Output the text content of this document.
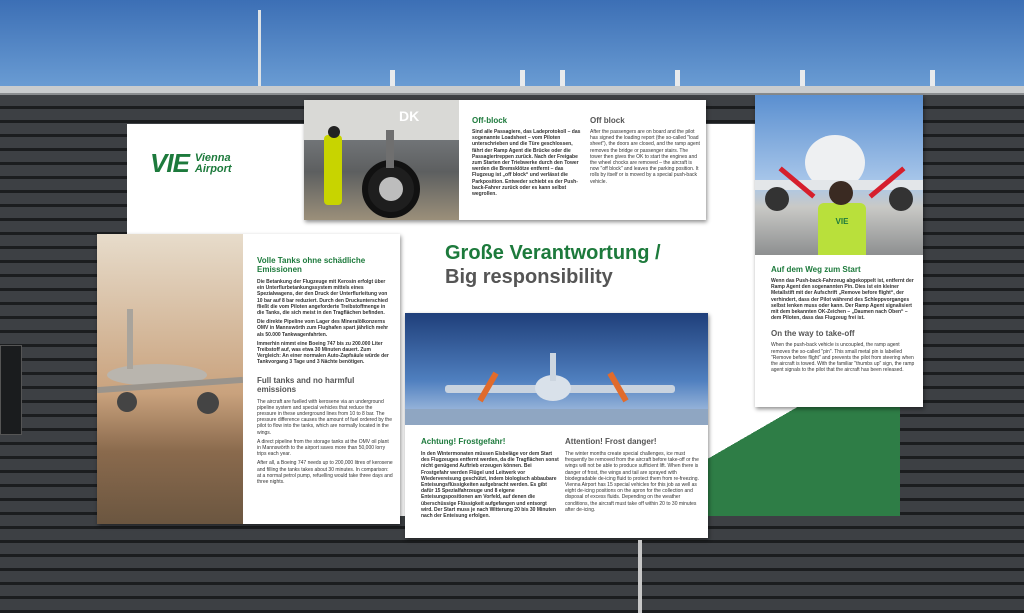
VIE Vienna
Airport
Große Verantwortung /
Big responsibility
DK	Off-block
Sind alle Passagiere, das Ladeprotokoll – das sogenannte Loadsheet – vom Piloten unterschrieben und die Türe geschlossen, fährt der Ramp Agent die Brücke oder die Passagiertreppen zurück. Nach der Freigabe zum Starten der Triebwerke durch den Tower werden die Bremsklötze entfernt – das Flugzeug ist „off block“ und verlässt die Parkposition. Entweder schiebt es der Push-back-Fahrer zurück oder es kann selbst wegrollen.
Off block
After the passengers are on board and the pilot has signed the loading report (the so-called "load sheet"), the doors are closed, and the ramp agent removes the bridge or passenger stairs. The tower then gives the OK to start the engines and the wheel chocks are removed – the aircraft is now "off block" and leaves the parking position. It rolls by itself or is moved by a special push-back vehicle.
Volle Tanks ohne schädliche Emissionen
Die Betankung der Flugzeuge mit Kerosin erfolgt über ein Unterflurbetankungssystem mittels eines Spezialwagens, der den Druck der Unterflurleitung von 10 bar auf 8 bar reduziert. Durch den Druckunterschied fließt die vom Piloten angeforderte Treibstoffmenge in die Tanks, die sich meist in den Tragflächen befinden.
Die direkte Pipeline vom Lager des Mineralölkonzerns OMV in Mannswörth zum Flughafen spart jährlich mehr als 50.000 Tankwagenfahrten.
Immerhin nimmt eine Boeing 747 bis zu 200.000 Liter Treibstoff auf, was etwa 30 Minuten dauert. Zum Vergleich: An einer normalen Auto-Zapfsäule würde der Tankvorgang 3 Tage und 3 Nächte benötigen.
Full tanks and no harmful emissions
The aircraft are fuelled with kerosene via an underground pipeline system and special vehicles that reduce the pressure in these underground lines from 10 to 8 bar. The pressure difference causes the amount of fuel ordered by the pilot to flow into the tanks, which are normally located in the wings.
A direct pipeline from the storage tanks at the OMV oil plant in Mannswörth to the airport saves more than 50,000 lorry trips each year.
After all, a Boeing 747 needs up to 200,000 litres of kerosene and filling the tanks takes about 30 minutes. In comparison: at a normal petrol pump, refuelling would take three days and three nights.
Achtung! Frostgefahr!
In den Wintermonaten müssen Eisbeläge vor dem Start des Flugzeuges entfernt werden, da die Tragflächen sonst nicht genügend Auftrieb erzeugen können. Bei Frostgefahr werden Flügel und Leitwerk vor Wiedervereisung geschützt, indem biologisch abbaubare Enteisungsflüssigkeiten aufgebracht werden. Es gibt dafür 15 Spezialfahrzeuge und 8 eigene Enteisungspositionen am Vorfeld, auf denen die überschüssige Flüssigkeit aufgefangen und entsorgt wird. Der Start muss je nach Witterung 20 bis 30 Minuten nach der Enteisung erfolgen.
Attention! Frost danger!
The winter months create special challenges, ice must frequently be removed from the aircraft before take-off or the wings will not be able to produce sufficient lift. When there is danger of frost, the wings and tail are sprayed with biodegradable de-icing fluid to protect them from re-freezing. Vienna Airport has 15 special vehicles for this job as well as eight de-icing positions on the apron for the collection and disposal of excess fluids. Depending on the weather conditions, the aircraft must take off within 20 to 30 minutes after de-icing.
VIE
Auf dem Weg zum Start
Wenn das Push-back-Fahrzeug abgekoppelt ist, entfernt der Ramp Agent den sogenannten Pin. Dies ist ein kleiner Metallstift mit der Aufschrift „Remove before flight“, der verhindert, dass der Pilot während des Schleppvorganges selbst lenken muss oder kann. Der Ramp Agent signalisiert mit dem bekannten OK-Zeichen – „Daumen nach Oben“ – dem Piloten, dass das Flugzeug frei ist.
On the way to take-off
When the push-back vehicle is uncoupled, the ramp agent removes the so-called "pin". This small metal pin is labelled "Remove before flight" and prevents the pilot from steering when the aircraft is towed. With the familiar "thumbs up" sign, the ramp agent signals to the pilot that the aircraft has been released.
